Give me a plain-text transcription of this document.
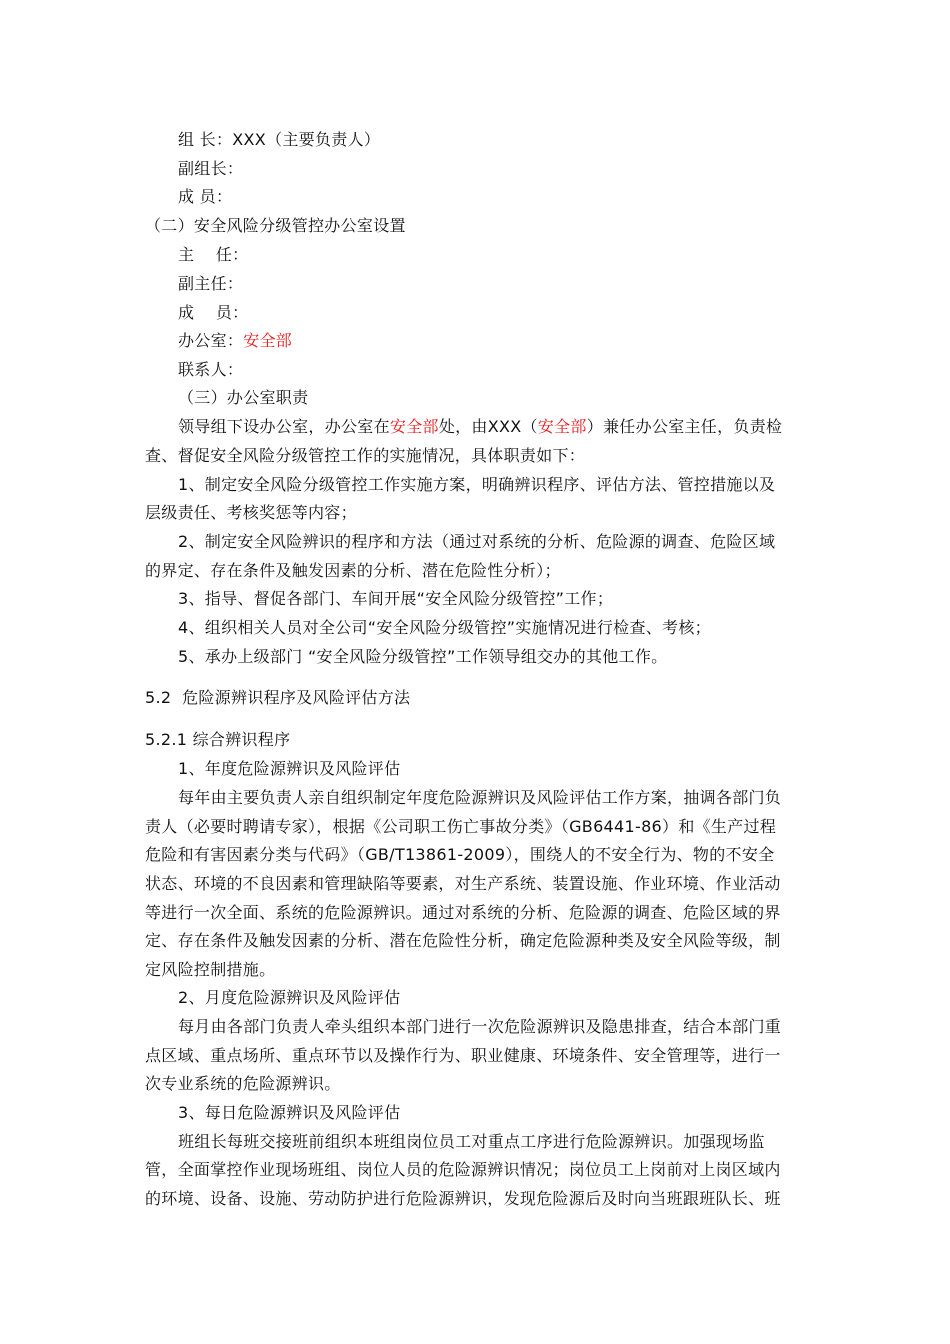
组 长：XXX（主要负责人）
副组长：
成 员：
（二）安全风险分级管控办公室设置
主    任：
副主任：
成    员：
办公室：安全部
联系人：
（三）办公室职责
领导组下设办公室，办公室在安全部处，由XXX（安全部）兼任办公室主任，负责检
查、督促安全风险分级管控工作的实施情况，具体职责如下：
1、制定安全风险分级管控工作实施方案，明确辨识程序、评估方法、管控措施以及
层级责任、考核奖惩等内容；
2、制定安全风险辨识的程序和方法（通过对系统的分析、危险源的调查、危险区域
的界定、存在条件及触发因素的分析、潜在危险性分析）；
3、指导、督促各部门、车间开展“安全风险分级管控”工作；
4、组织相关人员对全公司“安全风险分级管控”实施情况进行检查、考核；
5、承办上级部门 “安全风险分级管控”工作领导组交办的其他工作。
5.2  危险源辨识程序及风险评估方法
5.2.1 综合辨识程序
1、年度危险源辨识及风险评估
每年由主要负责人亲自组织制定年度危险源辨识及风险评估工作方案，抽调各部门负
责人（必要时聘请专家），根据《公司职工伤亡事故分类》（GB6441-86）和《生产过程
危险和有害因素分类与代码》（GB/T13861-2009），围绕人的不安全行为、物的不安全
状态、环境的不良因素和管理缺陷等要素，对生产系统、装置设施、作业环境、作业活动
等进行一次全面、系统的危险源辨识。通过对系统的分析、危险源的调查、危险区域的界
定、存在条件及触发因素的分析、潜在危险性分析，确定危险源种类及安全风险等级，制
定风险控制措施。
2、月度危险源辨识及风险评估
每月由各部门负责人牵头组织本部门进行一次危险源辨识及隐患排查，结合本部门重
点区域、重点场所、重点环节以及操作行为、职业健康、环境条件、安全管理等，进行一
次专业系统的危险源辨识。
3、每日危险源辨识及风险评估
班组长每班交接班前组织本班组岗位员工对重点工序进行危险源辨识。加强现场监
管，全面掌控作业现场班组、岗位人员的危险源辨识情况；岗位员工上岗前对上岗区域内
的环境、设备、设施、劳动防护进行危险源辨识，发现危险源后及时向当班跟班队长、班
